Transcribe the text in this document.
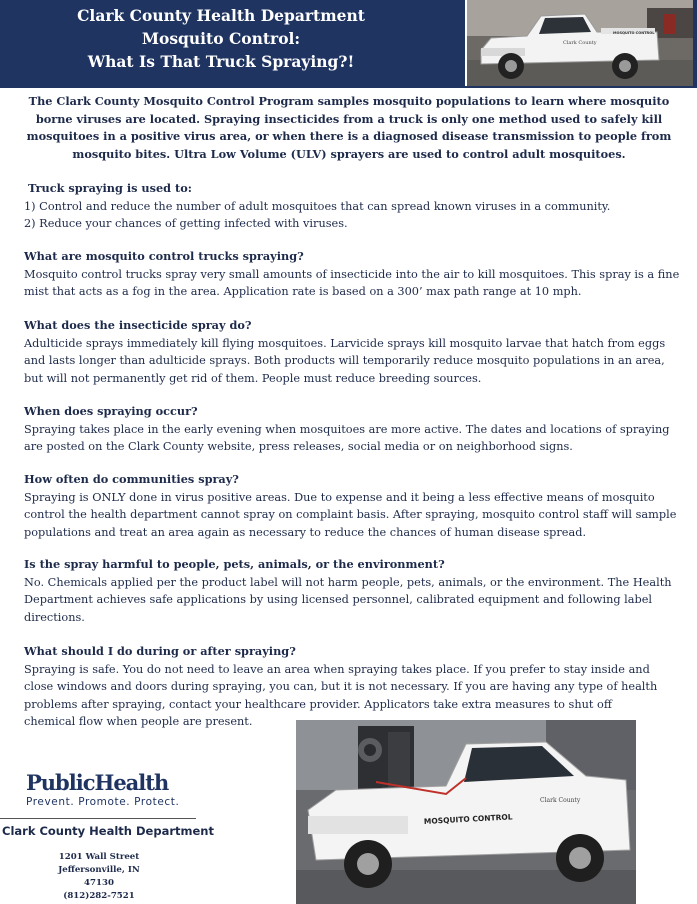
Clark County Health Department
Mosquito Control:
What Is That Truck Spraying?!
Clark County
MOSQUITO CONTROL
The Clark County Mosquito Control Program samples mosquito populations to learn where mosquito borne viruses are located. Spraying insecticides from a truck is only one method used to safely kill mosquitoes in a positive virus area, or when there is a diagnosed disease transmission to people from mosquito bites. Ultra Low Volume (ULV) sprayers are used to control adult mosquitoes.
Truck spraying is used to:
1) Control and reduce the number of adult mosquitoes that can spread known viruses in a community.
2) Reduce your chances of getting infected with viruses.
What are mosquito control trucks spraying?
Mosquito control trucks spray very small amounts of insecticide into the air to kill mosquitoes. This spray is a fine mist that acts as a fog in the area. Application rate is based on a 300’ max path range at 10 mph.
What does the insecticide spray do?
Adulticide sprays immediately kill flying mosquitoes. Larvicide sprays kill mosquito larvae that hatch from eggs and lasts longer than adulticide sprays. Both products will temporarily reduce mosquito populations in an area, but will not permanently get rid of them. People must reduce breeding sources.
When does spraying occur?
Spraying takes place in the early evening when mosquitoes are more active. The dates and locations of spraying are posted on the Clark County website, press releases, social media or on neighborhood signs.
How often do communities spray?
Spraying is ONLY done in virus positive areas. Due to expense and it being a less effective means of mosquito control the health department cannot spray on complaint basis. After spraying, mosquito control staff will sample populations and treat an area again as necessary to reduce the chances of human disease spread.
Is the spray harmful to people, pets, animals, or the environment?
No. Chemicals applied per the product label will not harm people, pets, animals, or the environment. The Health Department achieves safe applications by using licensed personnel, calibrated equipment and following label directions.
What should I do during or after spraying?
Spraying is safe. You do not need to leave an area when spraying takes place. If you prefer to stay inside and close windows and doors during spraying, you can, but it is not necessary. If you are having any type of health problems after spraying, contact your healthcare provider. Applicators take extra measures to shut off chemical flow when people are present.
MOSQUITO CONTROL
Clark County
PublicHealth
Prevent. Promote. Protect.
Clark County Health Department
1201 Wall Street
Jeffersonville, IN
47130
(812)282-7521
